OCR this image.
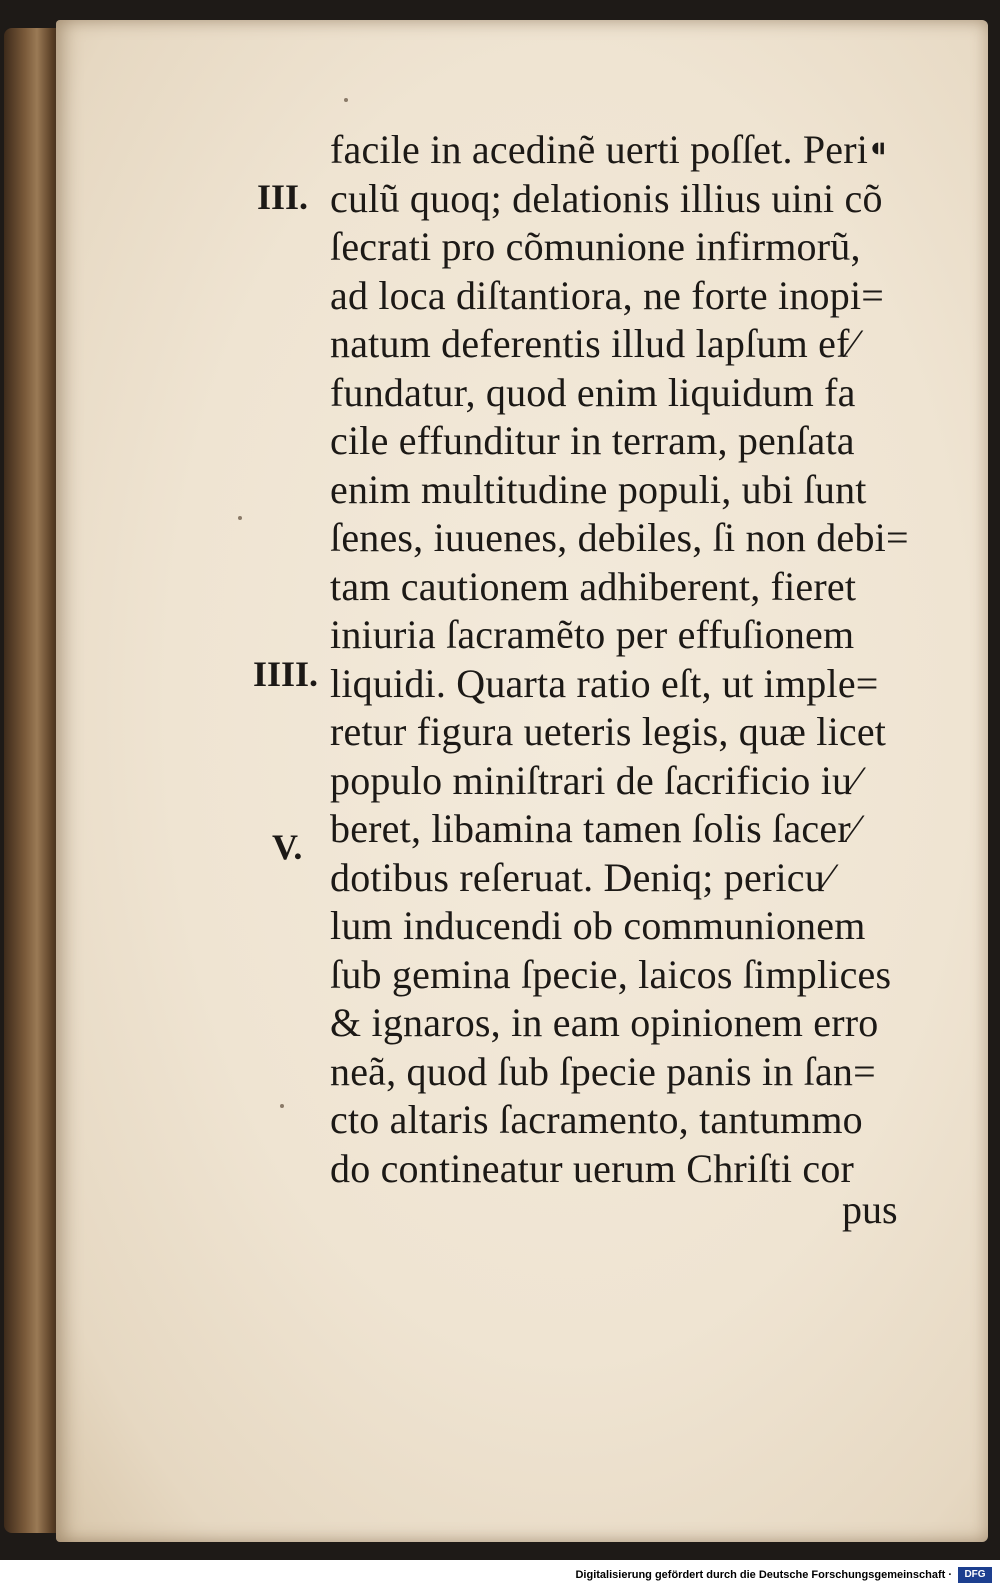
III.
IIII.
V.
facile in acedinẽ uerti poſſet. Peri⁌
culũ quoq; delationis illius uini cõ
ſecrati pro cõmunione infirmorũ,
ad loca diſtantiora, ne forte inopi=
natum deferentis illud lapſum ef⁄
fundatur, quod enim liquidum fa
cile effunditur in terram, penſata
enim multitudine populi, ubi ſunt
ſenes, iuuenes, debiles, ſi non debi=
tam cautionem adhiberent, fieret
iniuria ſacramẽto per effuſionem
liquidi. Quarta ratio eſt, ut imple=
retur figura ueteris legis, quæ licet
populo miniſtrari de ſacrificio iu⁄
beret, libamina tamen ſolis ſacer⁄
dotibus reſeruat. Deniq; pericu⁄
lum inducendi ob communionem
ſub gemina ſpecie, laicos ſimplices
& ignaros, in eam opinionem erro
neã, quod ſub ſpecie panis in ſan=
cto altaris ſacramento, tantummo
do contineatur uerum Chriſti cor
pus
Digitalisierung gefördert durch die Deutsche Forschungsgemeinschaft ·	DFG
